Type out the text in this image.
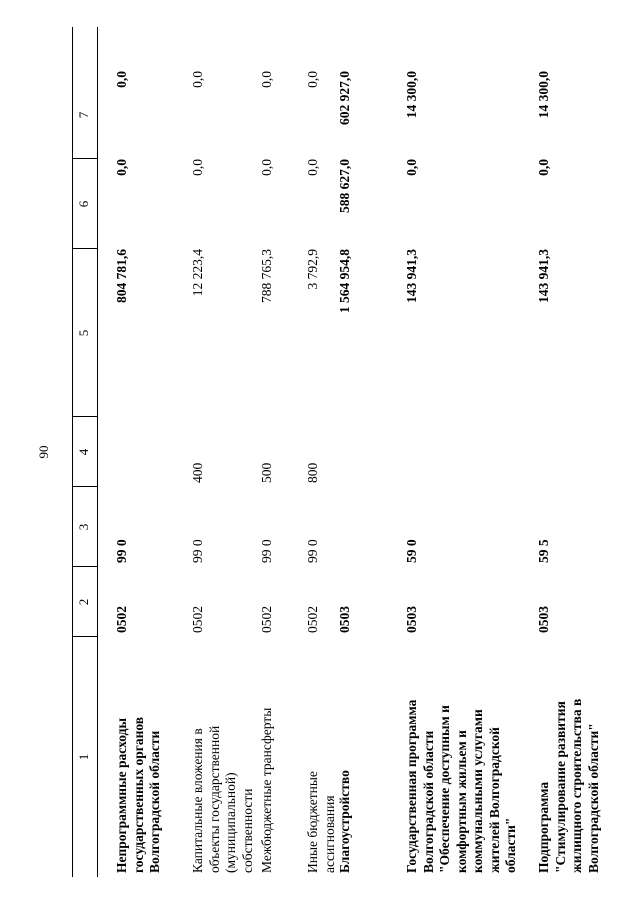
90
1
2
3
4
5
6
7
Непрограммные расходы государственных органов Волгоградской области
0502
99 0
804 781,6
0,0
0,0
Капитальные вложения в объекты государственной (муниципальной) собственности
0502
99 0
400
12 223,4
0,0
0,0
Межбюджетные трансферты
0502
99 0
500
788 765,3
0,0
0,0
Иные бюджетные ассигнования
0502
99 0
800
3 792,9
0,0
0,0
Благоустройство
0503
1 564 954,8
588 627,0
602 927,0
Государственная программа Волгоградской области "Обеспечение доступным и комфортным жильем и коммунальными услугами жителей Волгоградской области"
0503
59 0
143 941,3
0,0
14 300,0
Подпрограмма "Стимулирование развития жилищного строительства в Волгоградской области"
0503
59 5
143 941,3
0,0
14 300,0
